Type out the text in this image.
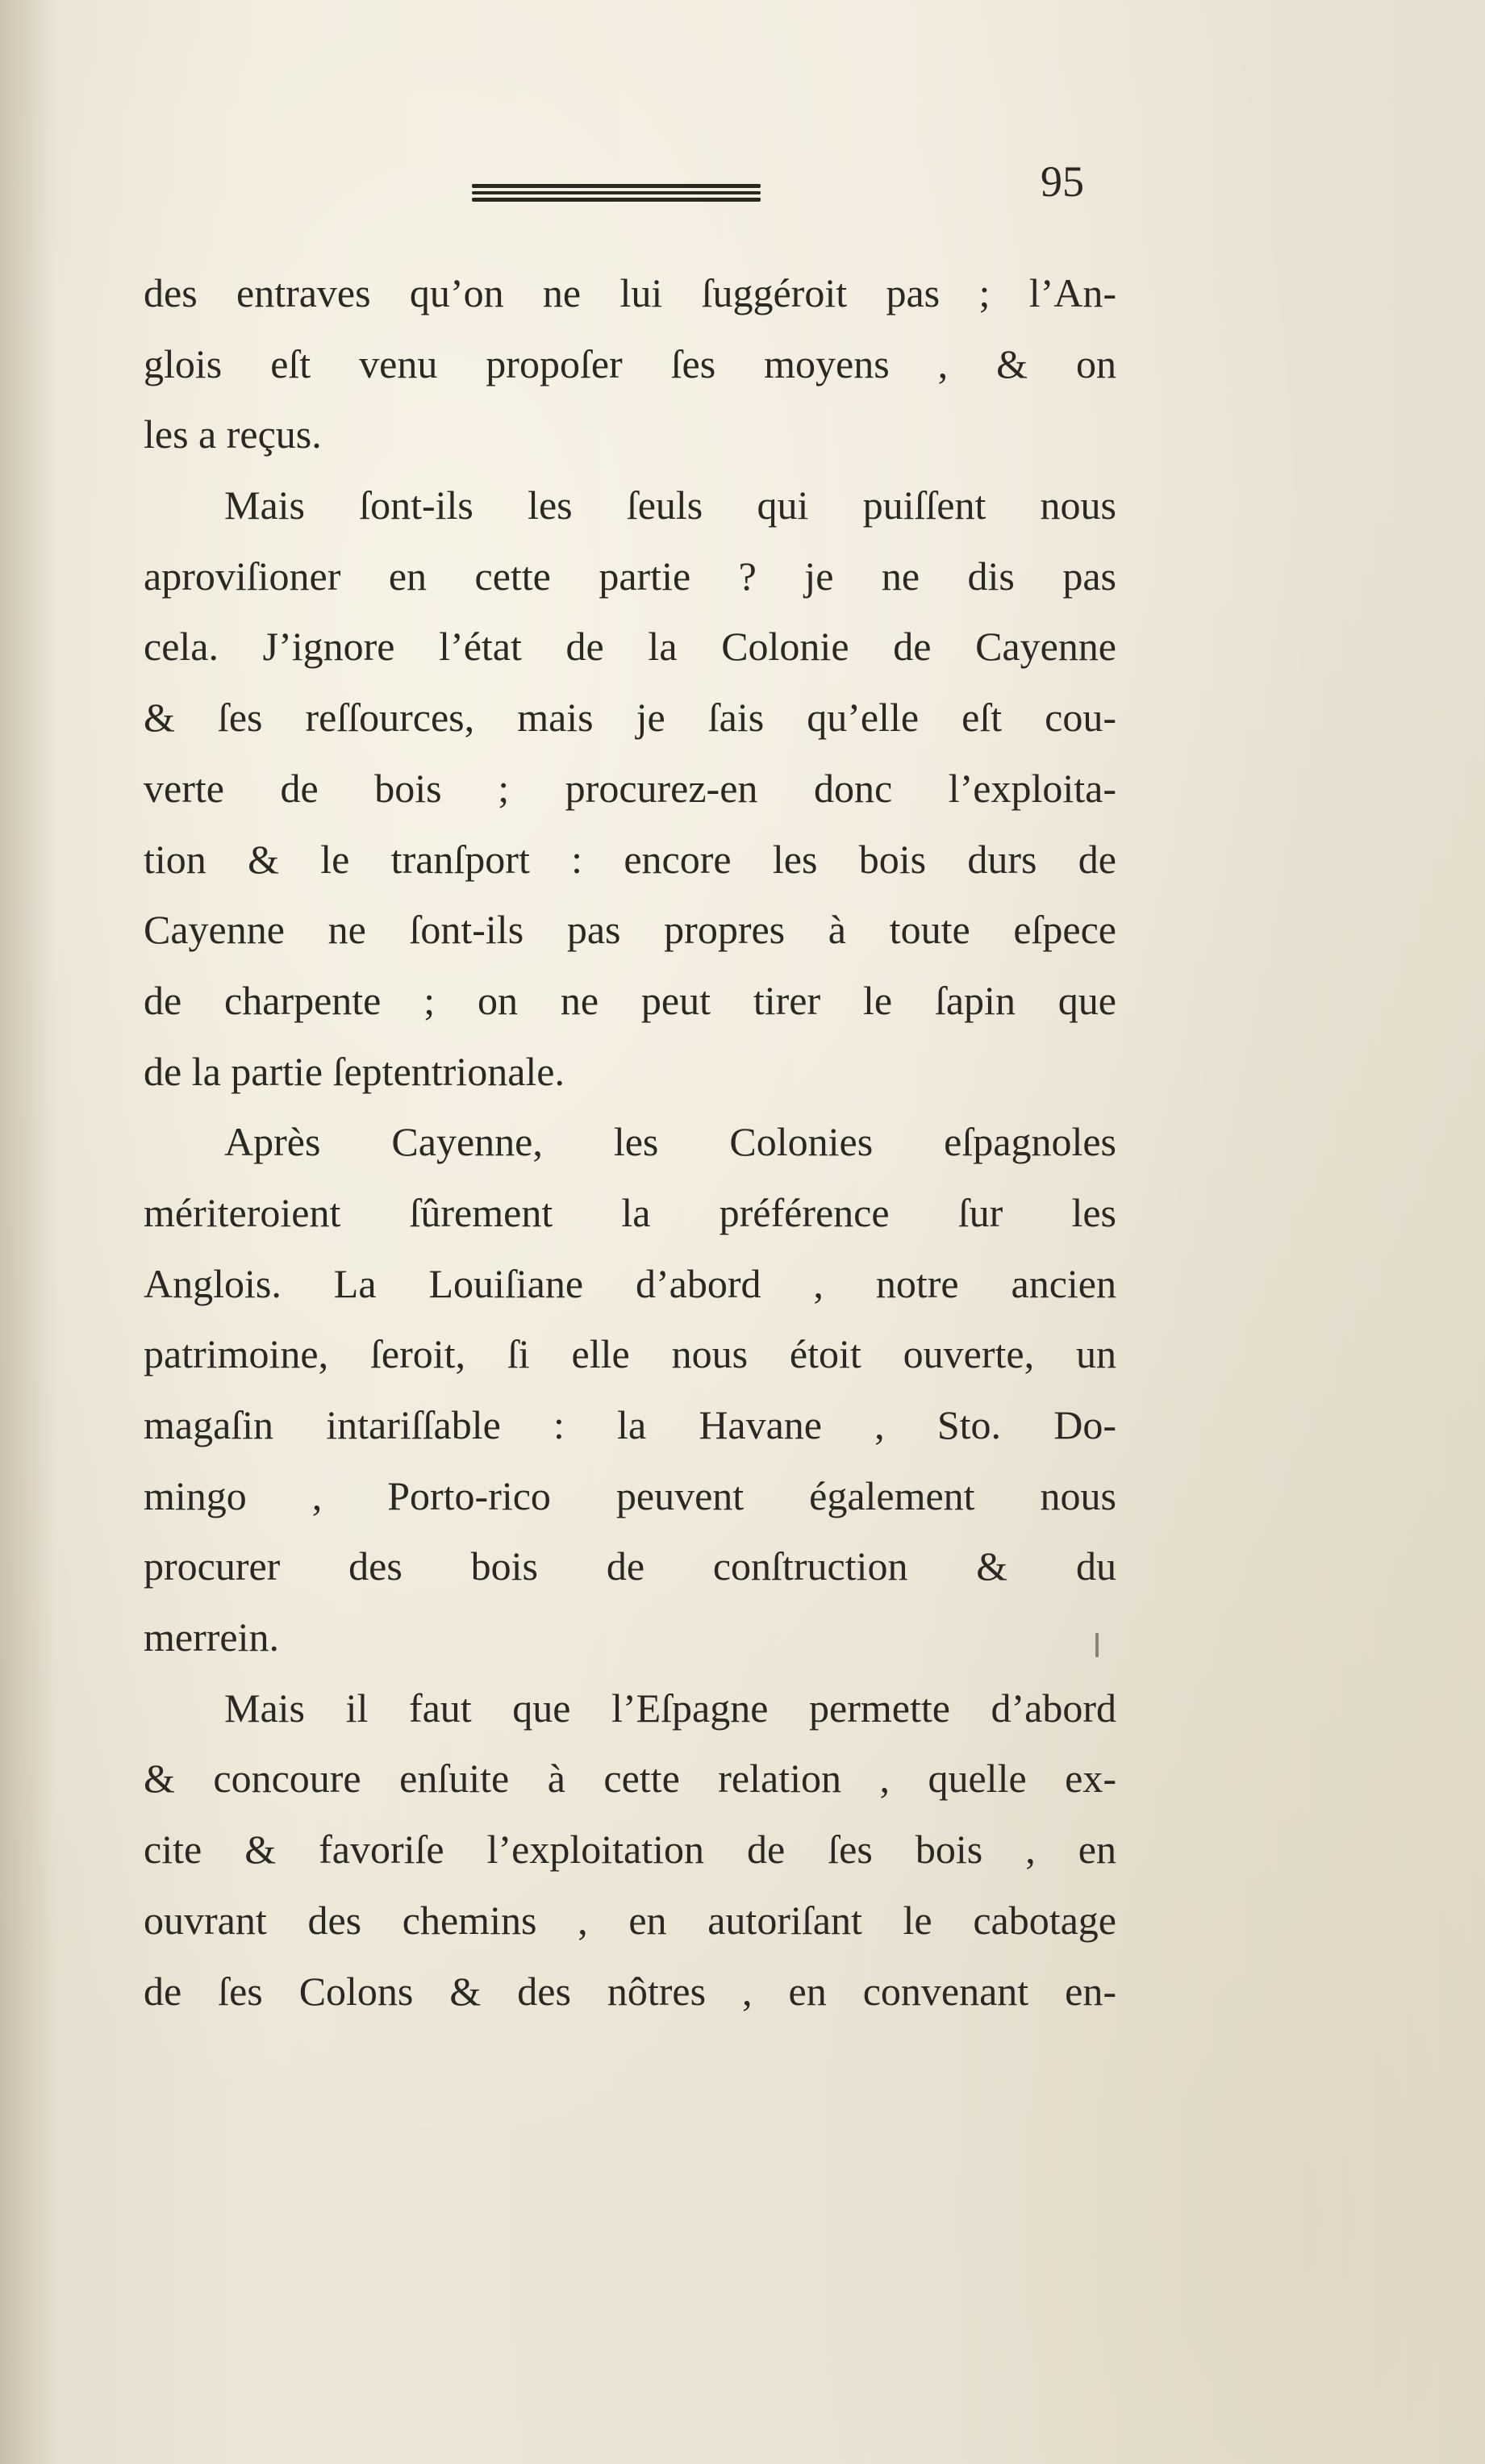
95
des entraves qu’on ne lui ſuggéroit pas ; l’An-
glois eſt venu propoſer ſes moyens , & on
les a reçus.
Mais ſont-ils les ſeuls qui puiſſent nous
aproviſioner en cette partie ? je ne dis pas
cela. J’ignore l’état de la Colonie de Cayenne
& ſes reſſources, mais je ſais qu’elle eſt cou-
verte de bois ; procurez-en donc l’exploita-
tion & le tranſport : encore les bois durs de
Cayenne ne ſont-ils pas propres à toute eſpece
de charpente ; on ne peut tirer le ſapin que
de la partie ſeptentrionale.
Après Cayenne, les Colonies eſpagnoles
mériteroient ſûrement la préférence ſur les
Anglois. La Louiſiane d’abord , notre ancien
patrimoine, ſeroit, ſi elle nous étoit ouverte, un
magaſin intariſſable : la Havane , Sto. Do-
mingo , Porto-rico peuvent également nous
procurer des bois de conſtruction & du
merrein.
Mais il faut que l’Eſpagne permette d’abord
& concoure enſuite à cette relation , quelle ex-
cite & favoriſe l’exploitation de ſes bois , en
ouvrant des chemins , en autoriſant le cabotage
de ſes Colons & des nôtres , en convenant en-
